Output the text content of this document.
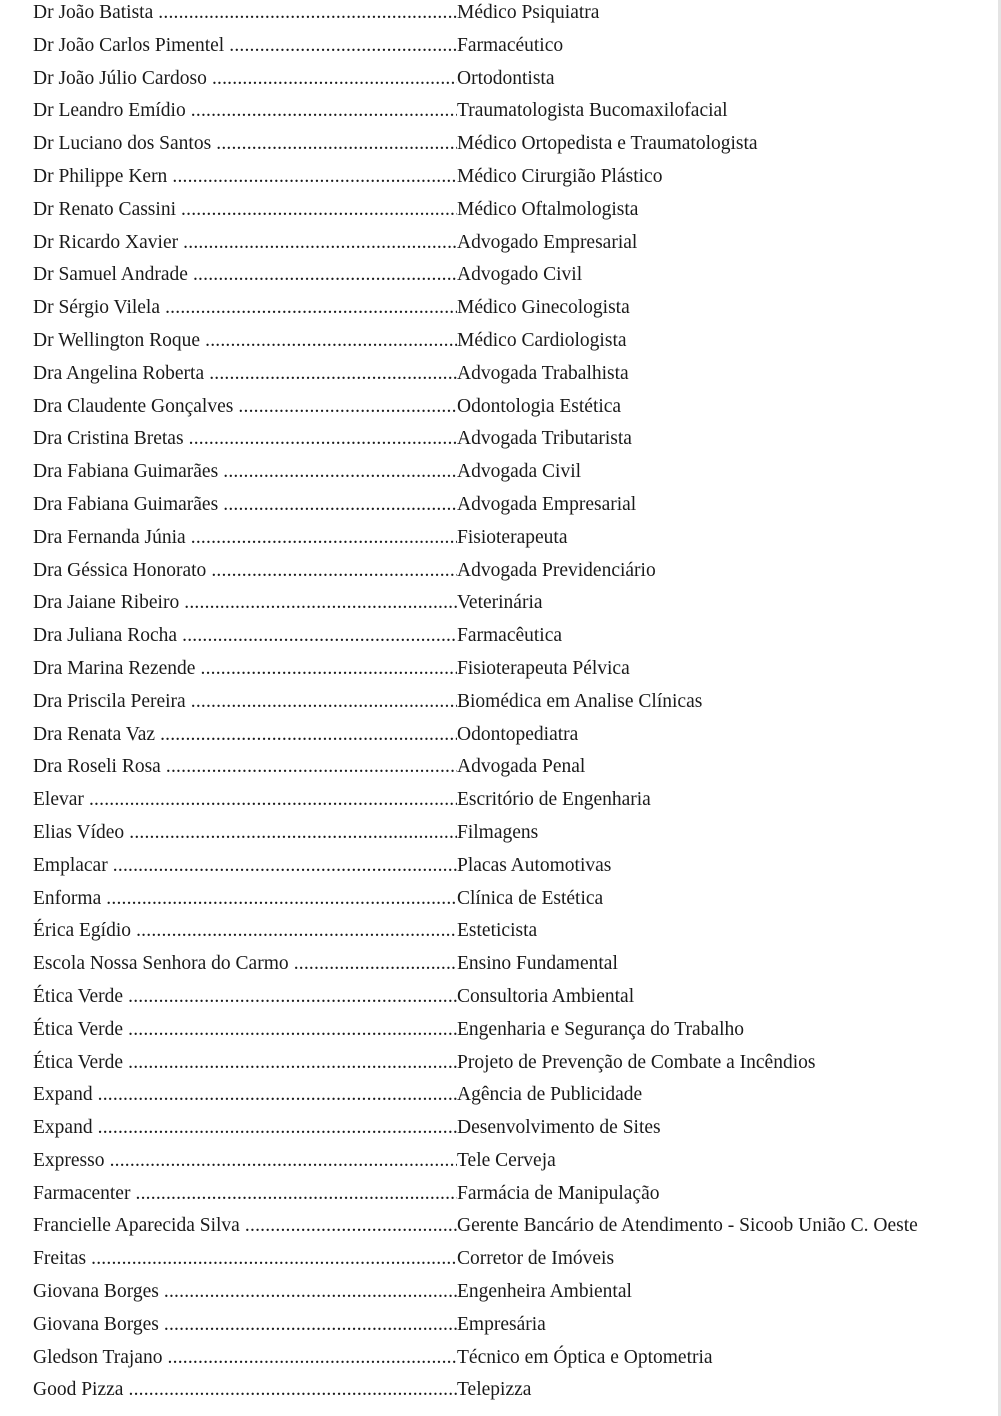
Dr João Batista .....	Médico Psiquiatra
Dr João Carlos Pimentel .....	Farmacéutico
Dr João Júlio Cardoso .....	Ortodontista
Dr Leandro Emídio .....	Traumatologista Bucomaxilofacial
Dr Luciano dos Santos .....	Médico Ortopedista e Traumatologista
Dr Philippe Kern .....	Médico Cirurgião Plástico
Dr Renato Cassini .....	Médico Oftalmologista
Dr Ricardo Xavier .....	Advogado Empresarial
Dr Samuel Andrade .....	Advogado Civil
Dr Sérgio Vilela .....	Médico Ginecologista
Dr Wellington Roque .....	Médico Cardiologista
Dra Angelina Roberta .....	Advogada Trabalhista
Dra Claudente Gonçalves .....	Odontologia Estética
Dra Cristina Bretas .....	Advogada Tributarista
Dra Fabiana Guimarães .....	Advogada Civil
Dra Fabiana Guimarães .....	Advogada Empresarial
Dra Fernanda Júnia .....	Fisioterapeuta
Dra Géssica Honorato .....	Advogada Previdenciário
Dra Jaiane Ribeiro .....	Veterinária
Dra Juliana Rocha .....	Farmacêutica
Dra Marina Rezende .....	Fisioterapeuta Pélvica
Dra Priscila Pereira .....	Biomédica em Analise Clínicas
Dra Renata Vaz .....	Odontopediatra
Dra Roseli Rosa .....	Advogada Penal
Elevar .....	Escritório de Engenharia
Elias Vídeo .....	Filmagens
Emplacar .....	Placas Automotivas
Enforma .....	Clínica de Estética
Érica Egídio .....	Esteticista
Escola Nossa Senhora do Carmo .....	Ensino Fundamental
Ética Verde .....	Consultoria Ambiental
Ética Verde .....	Engenharia e Segurança do Trabalho
Ética Verde .....	Projeto de Prevenção de Combate a Incêndios
Expand .....	Agência de Publicidade
Expand .....	Desenvolvimento de Sites
Expresso .....	Tele Cerveja
Farmacenter .....	Farmácia de Manipulação
Francielle Aparecida Silva .....	Gerente Bancário de Atendimento - Sicoob União C. Oeste
Freitas .....	Corretor de Imóveis
Giovana Borges .....	Engenheira Ambiental
Giovana Borges .....	Empresária
Gledson Trajano .....	Técnico em Óptica e Optometria
Good Pizza .....	Telepizza
